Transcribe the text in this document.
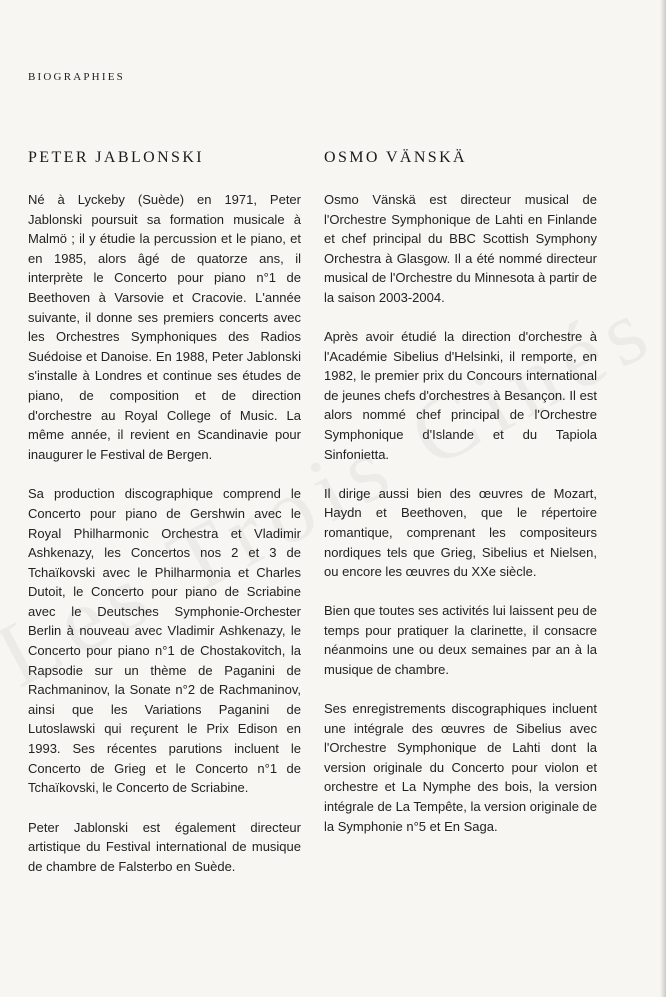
BIOGRAPHIES
PETER JABLONSKI

Né à Lyckeby (Suède) en 1971, Peter Jablonski poursuit sa formation musicale à Malmö ; il y étudie la percussion et le piano, et en 1985, alors âgé de quatorze ans, il interprète le Concerto pour piano n°1 de Beethoven à Varsovie et Cracovie. L'année suivante, il donne ses premiers concerts avec les Orchestres Symphoniques des Radios Suédoise et Danoise. En 1988, Peter Jablonski s'installe à Londres et continue ses études de piano, de composition et de direction d'orchestre au Royal College of Music. La même année, il revient en Scandinavie pour inaugurer le Festival de Bergen.

Sa production discographique comprend le Concerto pour piano de Gershwin avec le Royal Philharmonic Orchestra et Vladimir Ashkenazy, les Concertos nos 2 et 3 de Tchaïkovski avec le Philharmonia et Charles Dutoit, le Concerto pour piano de Scriabine avec le Deutsches Symphonie-Orchester Berlin à nouveau avec Vladimir Ashkenazy, le Concerto pour piano n°1 de Chostakovitch, la Rapsodie sur un thème de Paganini de Rachmaninov, la Sonate n°2 de Rachmaninov, ainsi que les Variations Paganini de Lutoslawski qui reçurent le Prix Edison en 1993. Ses récentes parutions incluent le Concerto de Grieg et le Concerto n°1 de Tchaïkovski, le Concerto de Scriabine.

Peter Jablonski est également directeur artistique du Festival international de musique de chambre de Falsterbo en Suède.

OSMO VÄNSKÄ

Osmo Vänskä est directeur musical de l'Orchestre Symphonique de Lahti en Finlande et chef principal du BBC Scottish Symphony Orchestra à Glasgow. Il a été nommé directeur musical de l'Orchestre du Minnesota à partir de la saison 2003-2004.

Après avoir étudié la direction d'orchestre à l'Académie Sibelius d'Helsinki, il remporte, en 1982, le premier prix du Concours international de jeunes chefs d'orchestres à Besançon. Il est alors nommé chef principal de l'Orchestre Symphonique d'Islande et du Tapiola Sinfonietta.

Il dirige aussi bien des œuvres de Mozart, Haydn et Beethoven, que le répertoire romantique, comprenant les compositeurs nordiques tels que Grieg, Sibelius et Nielsen, ou encore les œuvres du XXe siècle.

Bien que toutes ses activités lui laissent peu de temps pour pratiquer la clarinette, il consacre néanmoins une ou deux semaines par an à la musique de chambre.

Ses enregistrements discographiques incluent une intégrale des œuvres de Sibelius avec l'Orchestre Symphonique de Lahti dont la version originale du Concerto pour violon et orchestre et La Nymphe des bois, la version intégrale de La Tempête, la version originale de la Symphonie n°5 et En Saga.
